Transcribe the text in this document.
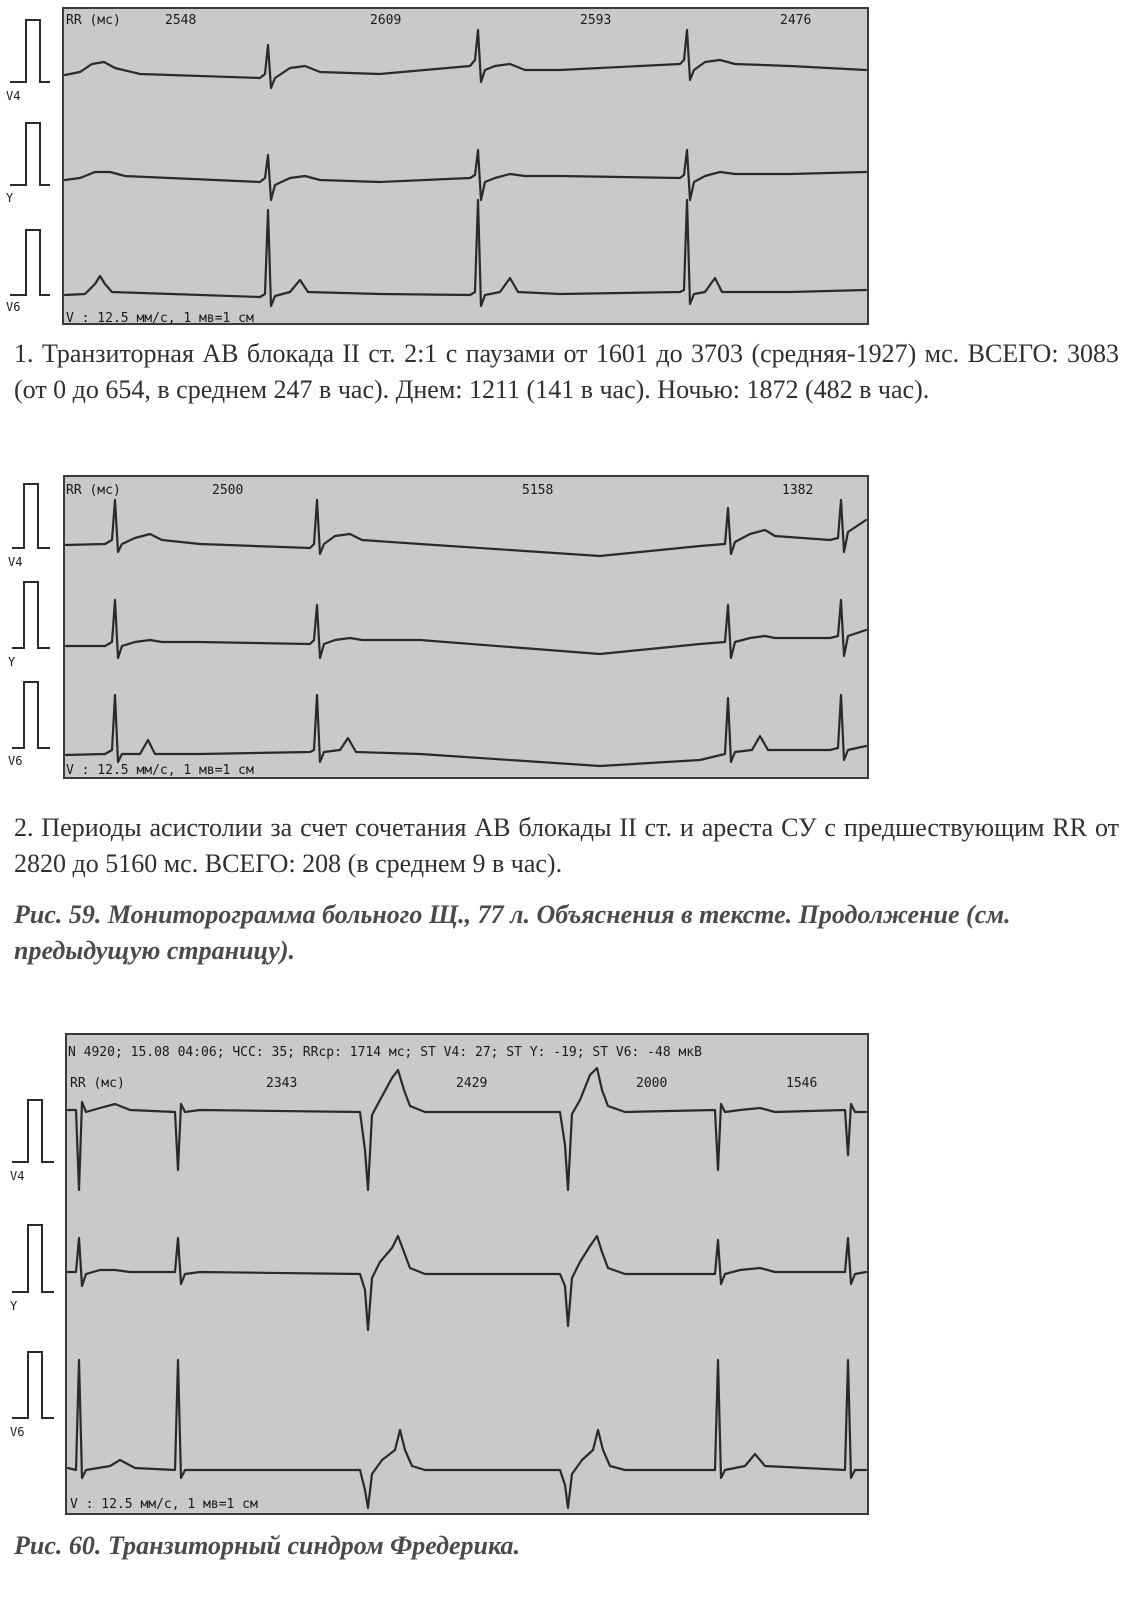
V4
Y
V6
RR (мс)	2548	2609	2593	2476
V : 12.5 мм/с, 1 мв=1 см
1. Транзиторная АВ блокада II ст. 2:1 с паузами от 1601 до 3703 (средняя-1927) мс. ВСЕГО: 3083 (от 0 до 654, в среднем 247 в час). Днем: 1211 (141 в час). Ночью: 1872 (482 в час).
V4
Y
V6
RR (мс)	2500	5158	1382
V : 12.5 мм/с, 1 мв=1 см
2. Периоды асистолии за счет сочетания АВ блокады II ст. и ареста СУ с предшествующим RR от 2820 до 5160 мс. ВСЕГО: 208 (в среднем 9 в час).
Рис. 59. Мониторограмма больного Щ., 77 л. Объяснения в тексте. Продолжение (см. предыдущую страницу).
V4
Y
V6
N 4920; 15.08 04:06; ЧСС: 35; RRср: 1714 мс; ST V4: 27; ST Y: -19; ST V6: -48 мкВ
RR (мс)	2343	2429	2000	1546
V : 12.5 мм/с, 1 мв=1 см
Рис. 60. Транзиторный синдром Фредерика.
